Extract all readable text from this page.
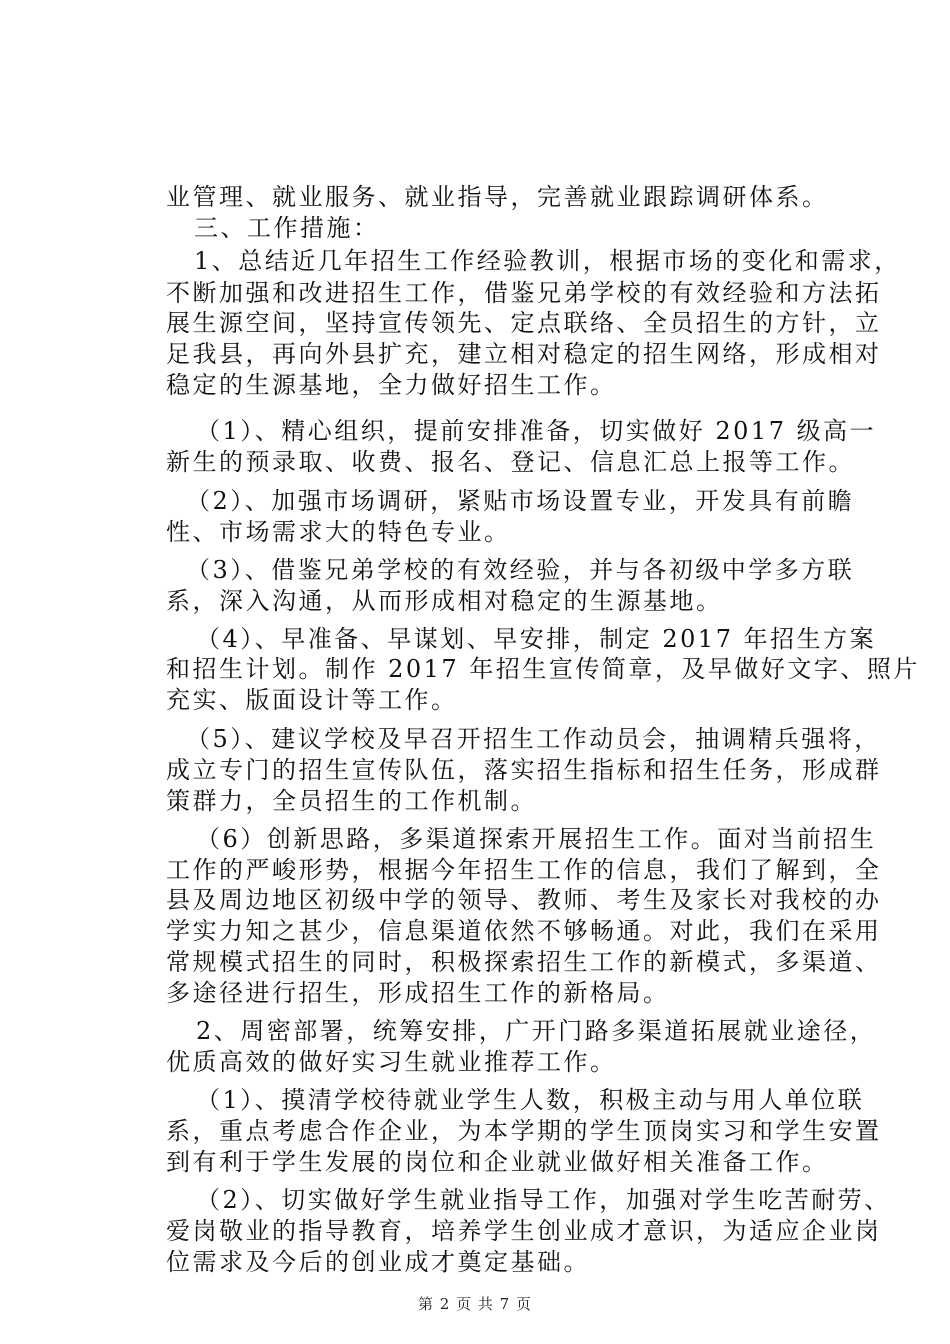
业管理、就业服务、就业指导，完善就业跟踪调研体系。
三、工作措施：
1、总结近几年招生工作经验教训，根据市场的变化和需求，
不断加强和改进招生工作，借鉴兄弟学校的有效经验和方法拓
展生源空间，坚持宣传领先、定点联络、全员招生的方针，立
足我县，再向外县扩充，建立相对稳定的招生网络，形成相对
稳定的生源基地，全力做好招生工作。
（1）、精心组织，提前安排准备，切实做好 2017 级高一
新生的预录取、收费、报名、登记、信息汇总上报等工作。
（2）、加强市场调研，紧贴市场设置专业，开发具有前瞻
性、市场需求大的特色专业。
（3）、借鉴兄弟学校的有效经验，并与各初级中学多方联
系，深入沟通，从而形成相对稳定的生源基地。
（4）、早准备、早谋划、早安排，制定 2017 年招生方案
和招生计划。制作 2017 年招生宣传简章，及早做好文字、照片
充实、版面设计等工作。
（5）、建议学校及早召开招生工作动员会，抽调精兵强将，
成立专门的招生宣传队伍，落实招生指标和招生任务，形成群
策群力，全员招生的工作机制。
（6）创新思路，多渠道探索开展招生工作。面对当前招生
工作的严峻形势，根据今年招生工作的信息，我们了解到，全
县及周边地区初级中学的领导、教师、考生及家长对我校的办
学实力知之甚少，信息渠道依然不够畅通。对此，我们在采用
常规模式招生的同时，积极探索招生工作的新模式，多渠道、
多途径进行招生，形成招生工作的新格局。
2、周密部署，统筹安排，广开门路多渠道拓展就业途径，
优质高效的做好实习生就业推荐工作。
（1）、摸清学校待就业学生人数，积极主动与用人单位联
系，重点考虑合作企业，为本学期的学生顶岗实习和学生安置
到有利于学生发展的岗位和企业就业做好相关准备工作。
（2）、切实做好学生就业指导工作，加强对学生吃苦耐劳、
爱岗敬业的指导教育，培养学生创业成才意识，为适应企业岗
位需求及今后的创业成才奠定基础。
第 2 页 共 7 页
